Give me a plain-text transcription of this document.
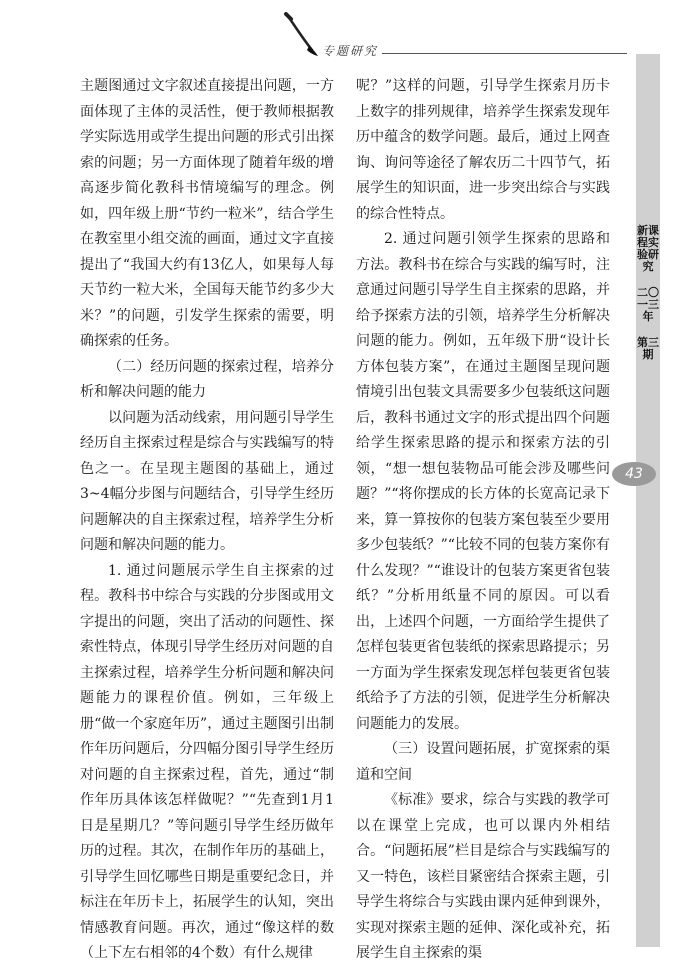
专题研究
新课程实验研究
二〇一三年
第三期
43

主题图通过文字叙述直接提出问题，一方面体现了主体的灵活性，便于教师根据教学实际选用或学生提出问题的形式引出探索的问题；另一方面体现了随着年级的增高逐步简化教科书情境编写的理念。例如，四年级上册“节约一粒米”，结合学生在教室里小组交流的画面，通过文字直接提出了“我国大约有13亿人，如果每人每天节约一粒大米，全国每天能节约多少大米？”的问题，引发学生探索的需要，明确探索的任务。

（二）经历问题的探索过程，培养分析和解决问题的能力

以问题为活动线索，用问题引导学生经历自主探索过程是综合与实践编写的特色之一。在呈现主题图的基础上，通过3~4幅分步图与问题结合，引导学生经历问题解决的自主探索过程，培养学生分析问题和解决问题的能力。

1. 通过问题展示学生自主探索的过程。教科书中综合与实践的分步图或用文字提出的问题，突出了活动的问题性、探索性特点，体现引导学生经历对问题的自主探索过程，培养学生分析问题和解决问题能力的课程价值。例如，三年级上册“做一个家庭年历”，通过主题图引出制作年历问题后，分四幅分图引导学生经历对问题的自主探索过程，首先，通过“制作年历具体该怎样做呢？”“先查到1月1日是星期几？”等问题引导学生经历做年历的过程。其次，在制作年历的基础上，引导学生回忆哪些日期是重要纪念日，并标注在年历卡上，拓展学生的认知，突出情感教育问题。再次，通过“像这样的数（上下左右相邻的4个数）有什么规律

呢？”这样的问题，引导学生探索月历卡上数字的排列规律，培养学生探索发现年历中蕴含的数学问题。最后，通过上网查询、询问等途径了解农历二十四节气，拓展学生的知识面，进一步突出综合与实践的综合性特点。

2. 通过问题引领学生探索的思路和方法。教科书在综合与实践的编写时，注意通过问题引导学生自主探索的思路，并给予探索方法的引领，培养学生分析解决问题的能力。例如，五年级下册“设计长方体包装方案”，在通过主题图呈现问题情境引出包装文具需要多少包装纸这问题后，教科书通过文字的形式提出四个问题给学生探索思路的提示和探索方法的引领，“想一想包装物品可能会涉及哪些问题？”“将你摆成的长方体的长宽高记录下来，算一算按你的包装方案包装至少要用多少包装纸？”“比较不同的包装方案你有什么发现？”“谁设计的包装方案更省包装纸？”分析用纸量不同的原因。可以看出，上述四个问题，一方面给学生提供了怎样包装更省包装纸的探索思路提示；另一方面为学生探索发现怎样包装更省包装纸给予了方法的引领，促进学生分析解决问题能力的发展。

（三）设置问题拓展，扩宽探索的渠道和空间

《标准》要求，综合与实践的教学可以在课堂上完成，也可以课内外相结合。“问题拓展”栏目是综合与实践编写的又一特色，该栏目紧密结合探索主题，引导学生将综合与实践由课内延伸到课外，实现对探索主题的延伸、深化或补充，拓展学生自主探索的渠
